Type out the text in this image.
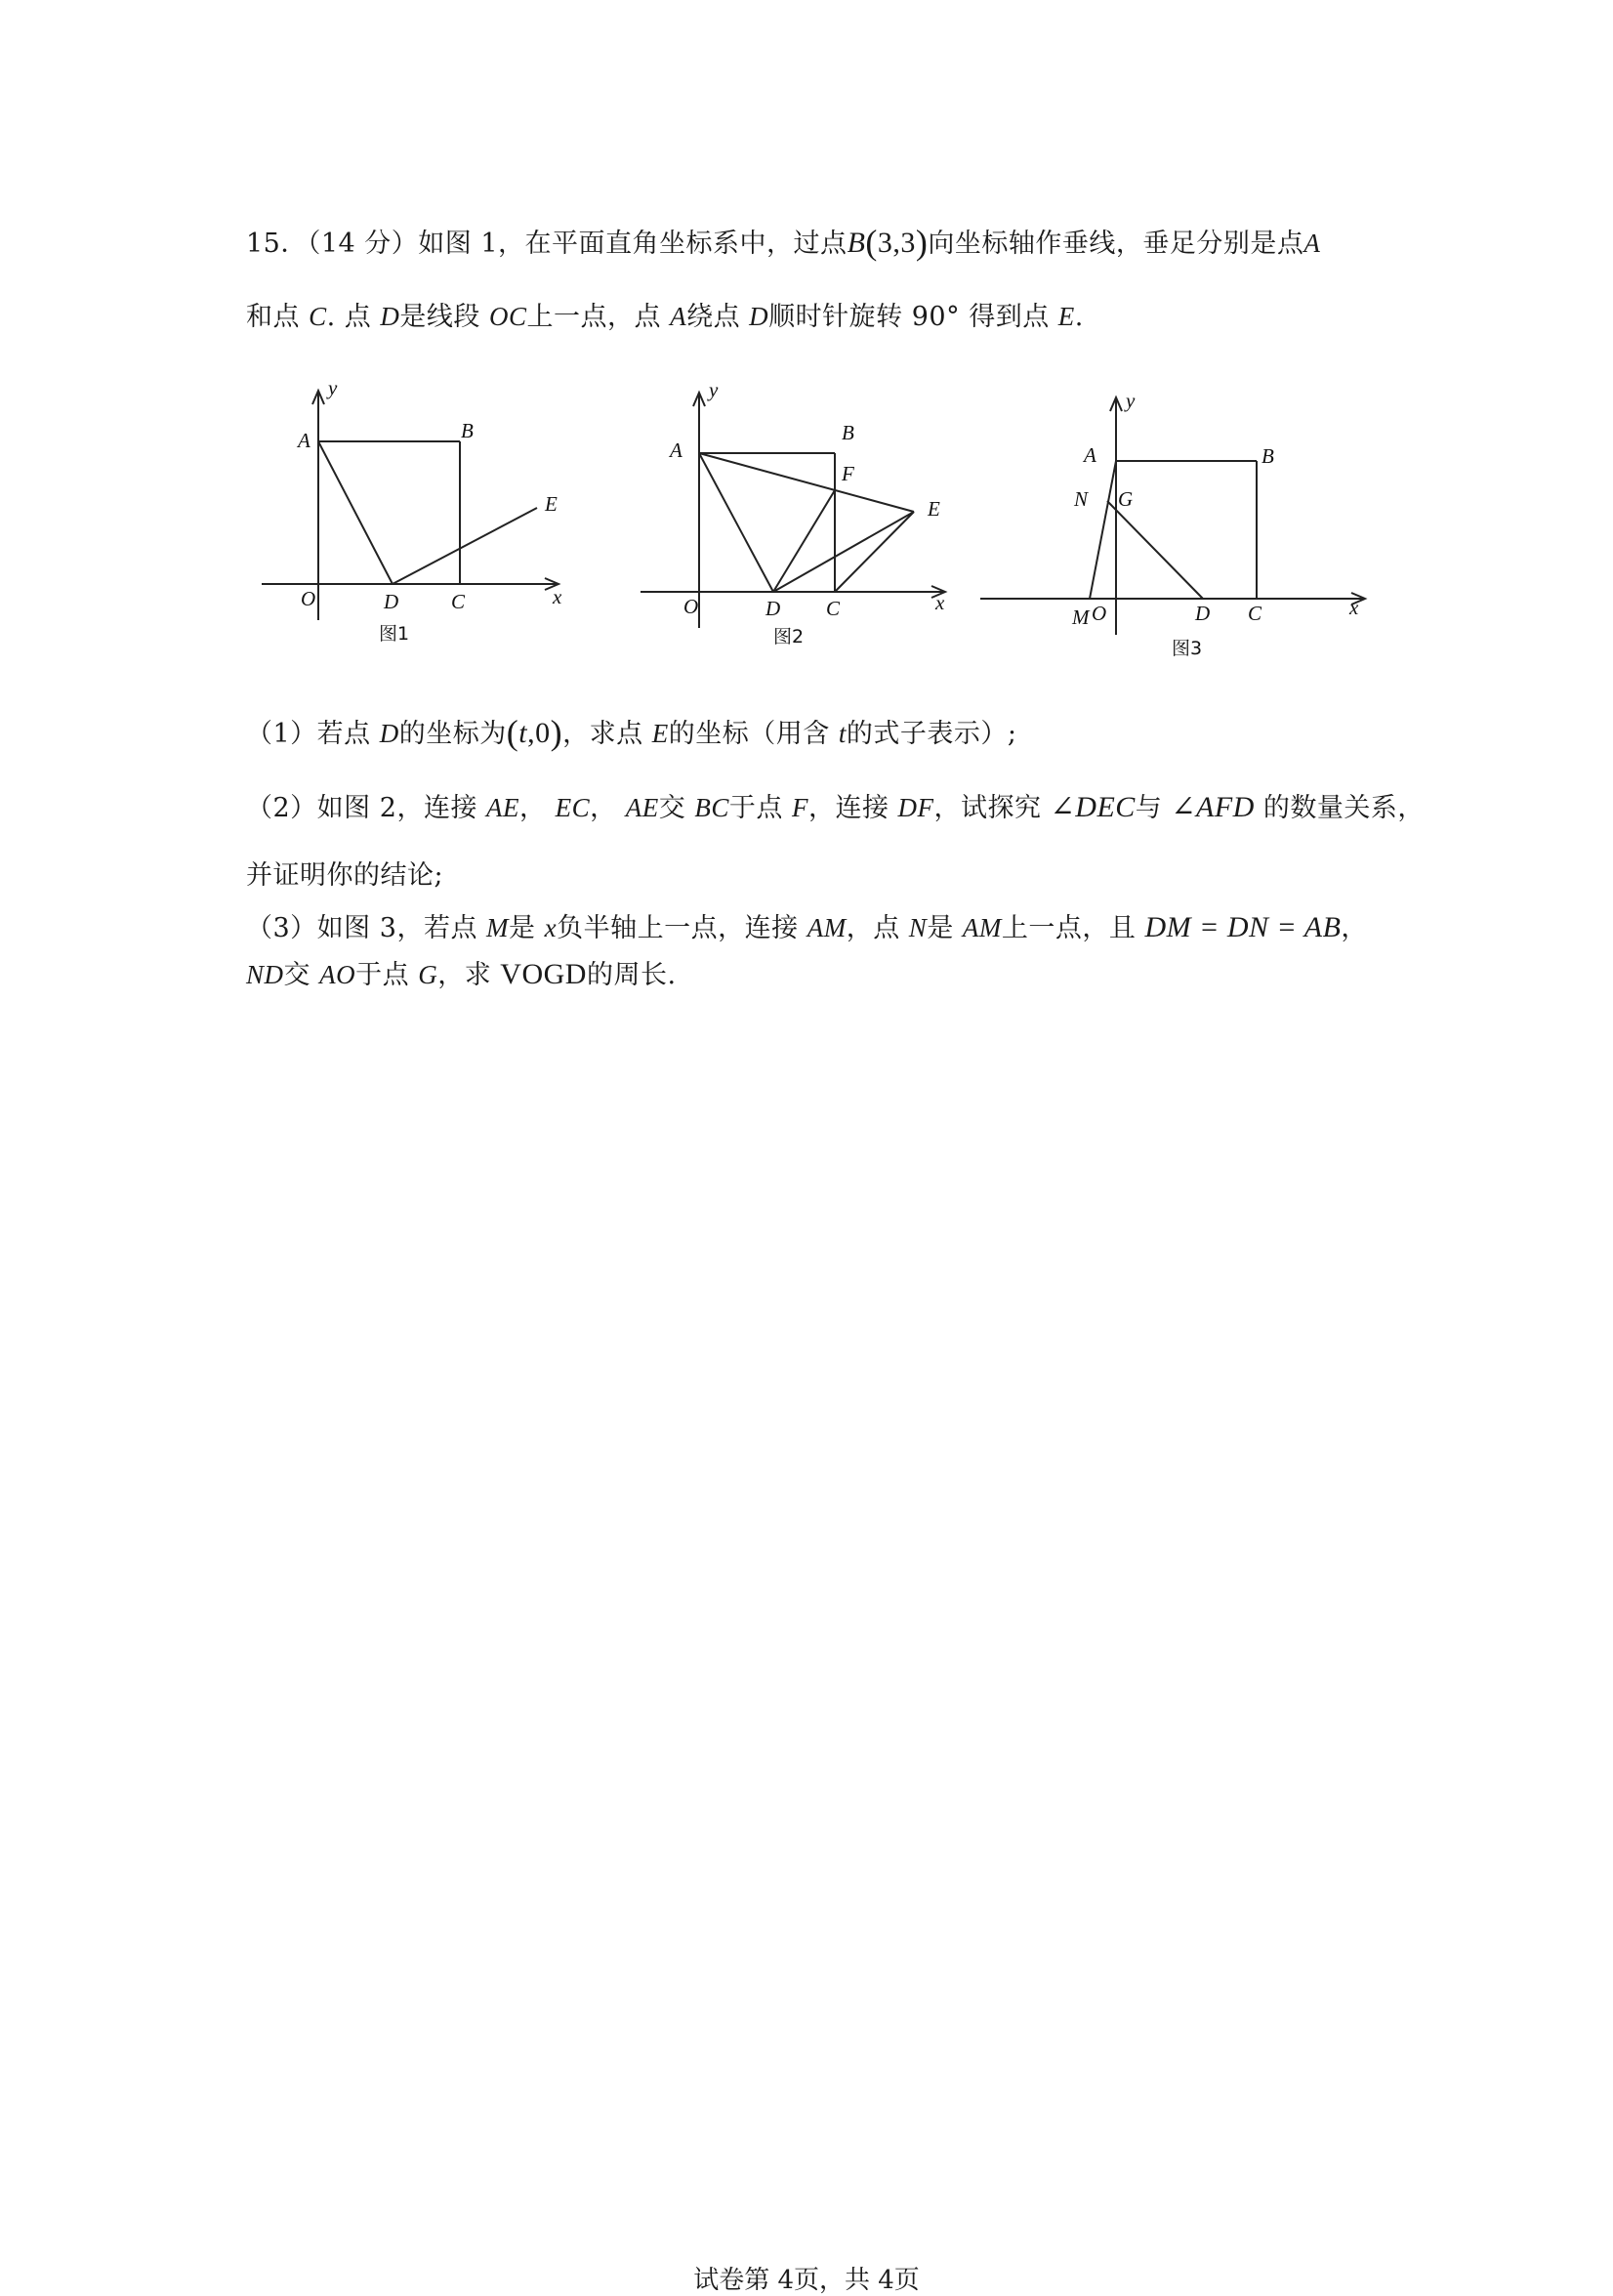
15．（14 分）如图 1，在平面直角坐标系中，过点B(3,3)向坐标轴作垂线，垂足分别是点A
和点 C. 点 D是线段 OC上一点，点 A绕点 D顺时针旋转 90° 得到点 E.
y
x
A	B
O	D	C
E
图1
y
x
A
B
F
E
O	D C
图2
y
x
A	B
N G
M O	D C
图3
（1）若点 D的坐标为(t,0)，求点 E的坐标（用含 t的式子表示）;
（2）如图 2，连接 AE， EC， AE交 BC于点 F，连接 DF，试探究 ∠DEC与 ∠AFD 的数量关系，
并证明你的结论;
（3）如图 3，若点 M是 x负半轴上一点，连接 AM，点 N是 AM上一点，且 DM = DN = AB，
ND交 AO于点 G，求 VOGD的周长.
试卷第 4页，共 4页
